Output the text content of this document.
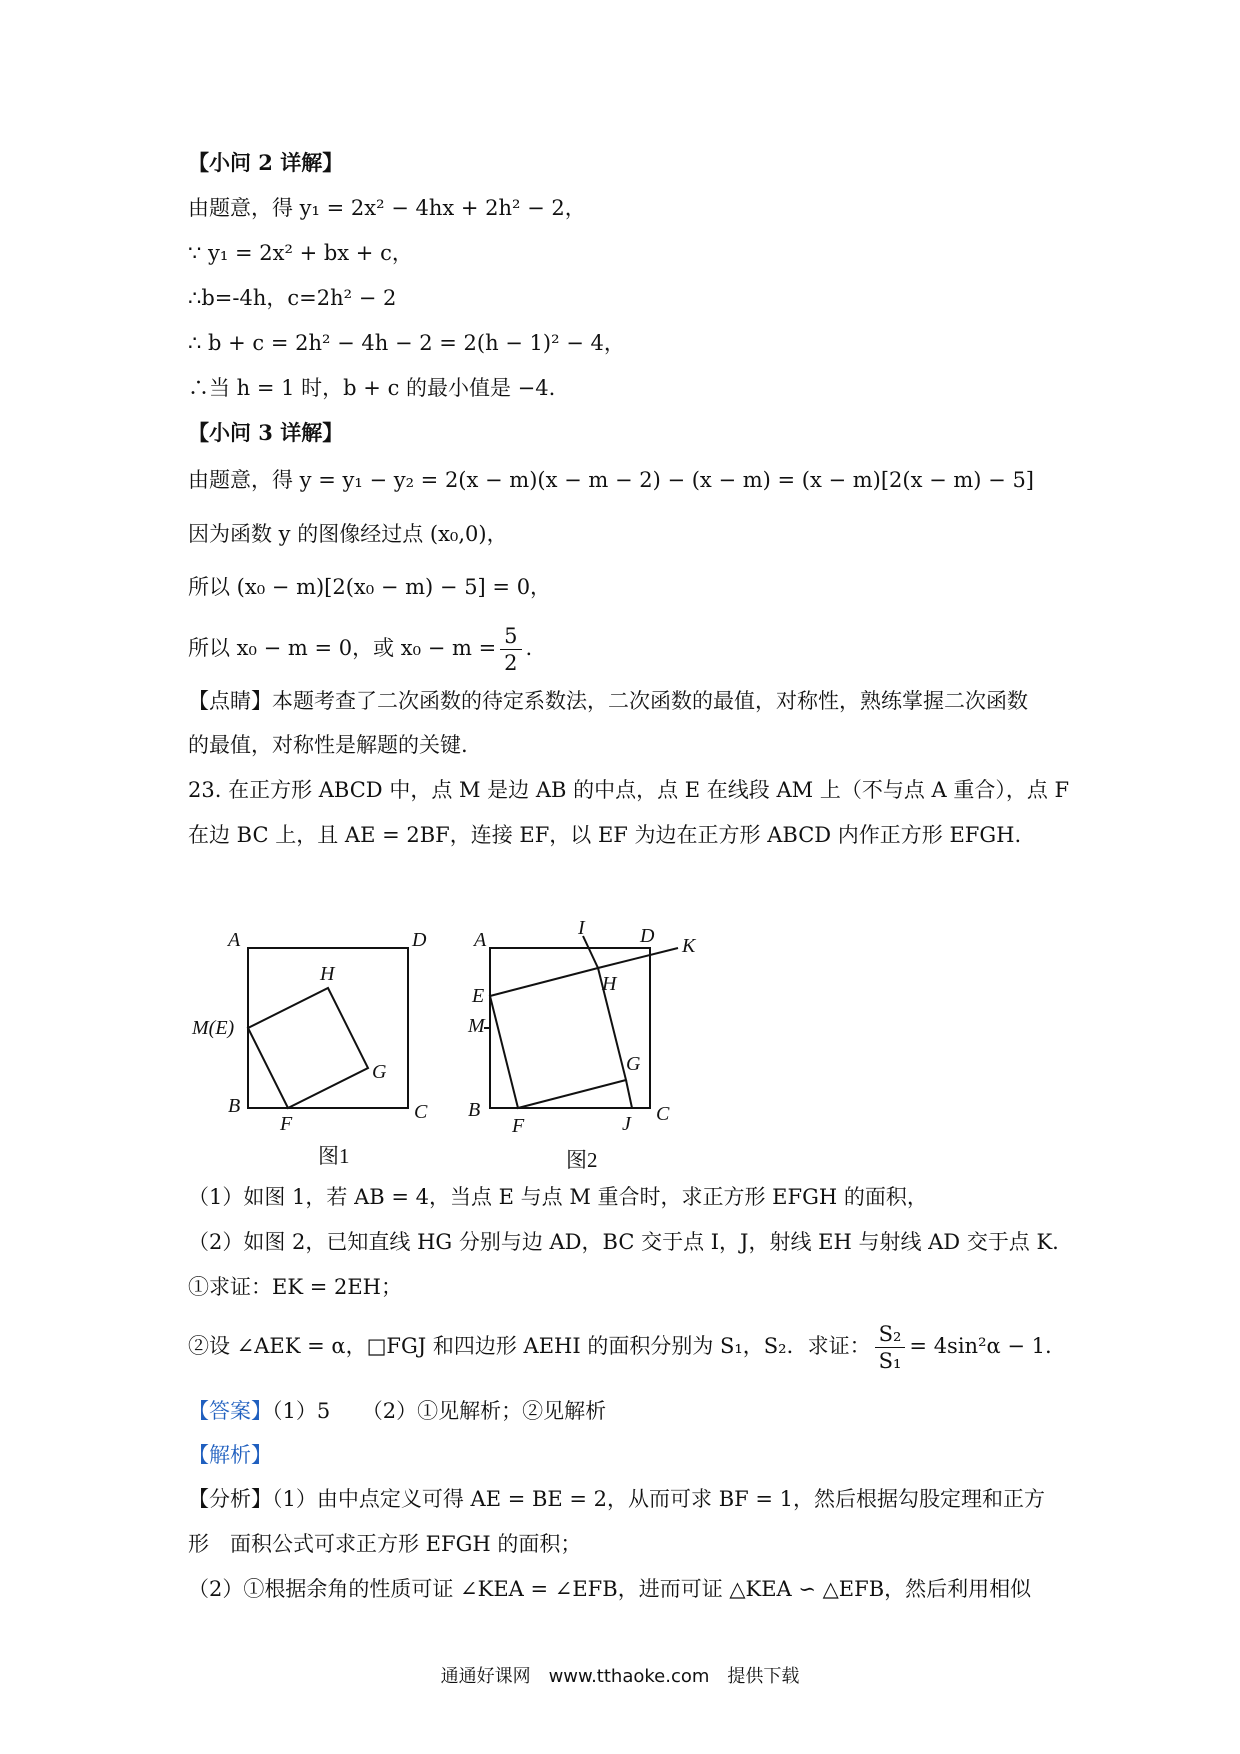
【小问 2 详解】
由题意，得 y₁ = 2x² − 4hx + 2h² − 2，
∵ y₁ = 2x² + bx + c，
∴b=-4h，c=2h² − 2
∴ b + c = 2h² − 4h − 2 = 2(h − 1)² − 4，
∴当 h = 1 时，b + c 的最小值是 −4.
【小问 3 详解】
由题意，得 y = y₁ − y₂ = 2(x − m)(x − m − 2) − (x − m) = (x − m)[2(x − m) − 5]
因为函数 y 的图像经过点 (x₀,0)，
所以 (x₀ − m)[2(x₀ − m) − 5] = 0，
所以 x₀ − m = 0，或 $x_0 - m = \frac{5}{2}$ .
【点睛】本题考查了二次函数的待定系数法，二次函数的最值，对称性，熟练掌握二次函数
的最值，对称性是解题的关键.
23. 在正方形 ABCD 中，点 M 是边 AB 的中点，点 E 在线段 AM 上（不与点 A 重合），点 F
在边 BC 上，且 AE = 2BF，连接 EF，以 EF 为边在正方形 ABCD 内作正方形 EFGH.
A	D
H
M(E)
G
B
F
C
图1
A
I	D K
H
E
M
G
B
F	J C
图2
（1）如图 1，若 AB = 4，当点 E 与点 M 重合时，求正方形 EFGH 的面积，
（2）如图 2，已知直线 HG 分别与边 AD，BC 交于点 I，J，射线 EH 与射线 AD 交于点 K.
①求证：EK = 2EH；
②设 ∠AEK = α，□FGJ 和四边形 AEHI 的面积分别为 S₁，S₂．求证： $\frac{\text{S₂}}{\text{S₁}} = 4\sin^2\alpha - 1$.
【答案】（1）5　　（2）①见解析；②见解析
【解析】
【分析】（1）由中点定义可得 AE = BE = 2，从而可求 BF = 1，然后根据勾股定理和正方
形　面积公式可求正方形 EFGH 的面积；
（2）①根据余角的性质可证 ∠KEA = ∠EFB，进而可证 △KEA ∽ △EFB，然后利用相似
通通好课网　www.tthaoke.com　提供下载
